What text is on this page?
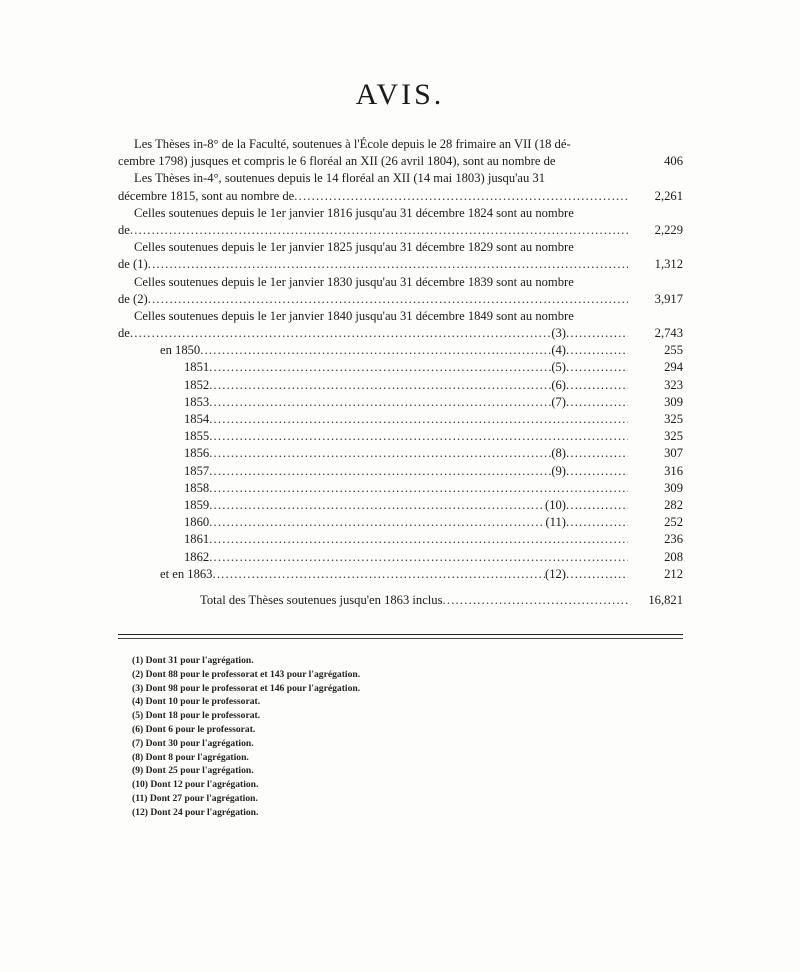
AVIS.
Les Thèses in-8° de la Faculté, soutenues à l'École depuis le 28 frimaire an VII (18 dé-
cembre 1798) jusques et compris le 6 floréal an XII (26 avril 1804), sont au nombre de	406
Les Thèses in-4°, soutenues depuis le 14 floréal an XII (14 mai 1803) jusqu'au 31
décembre 1815, sont au nombre de .....	2,261
Celles soutenues depuis le 1er janvier 1816 jusqu'au 31 décembre 1824 sont au nombre
de .....	2,229
Celles soutenues depuis le 1er janvier 1825 jusqu'au 31 décembre 1829 sont au nombre
de (1) .....	1,312
Celles soutenues depuis le 1er janvier 1830 jusqu'au 31 décembre 1839 sont au nombre
de (2) .....	3,917
Celles soutenues depuis le 1er janvier 1840 jusqu'au 31 décembre 1849 sont au nombre
de .....	(3) .....	2,743
en 1850 .....	(4) .....	255
1851 .....	(5) .....	294
1852 .....	(6) .....	323
1853 .....	(7) .....	309
1854 .....	325
1855 .....	325
1856 .....	(8) .....	307
1857 .....	(9) .....	316
1858 .....	309
1859 .....	(10) .....	282
1860 .....	(11) .....	252
1861 .....	236
1862 .....	208
et en 1863 .....	(12) .....	212
Total des Thèses soutenues jusqu'en 1863 inclus .....	16,821
(1) Dont 31 pour l'agrégation.
(2) Dont 88 pour le professorat et 143 pour l'agrégation.
(3) Dont 98 pour le professorat et 146 pour l'agrégation.
(4) Dont 10 pour le professorat.
(5) Dont 18 pour le professorat.
(6) Dont 6 pour le professorat.
(7) Dont 30 pour l'agrégation.
(8) Dont 8 pour l'agrégation.
(9) Dont 25 pour l'agrégation.
(10) Dont 12 pour l'agrégation.
(11) Dont 27 pour l'agrégation.
(12) Dont 24 pour l'agrégation.
